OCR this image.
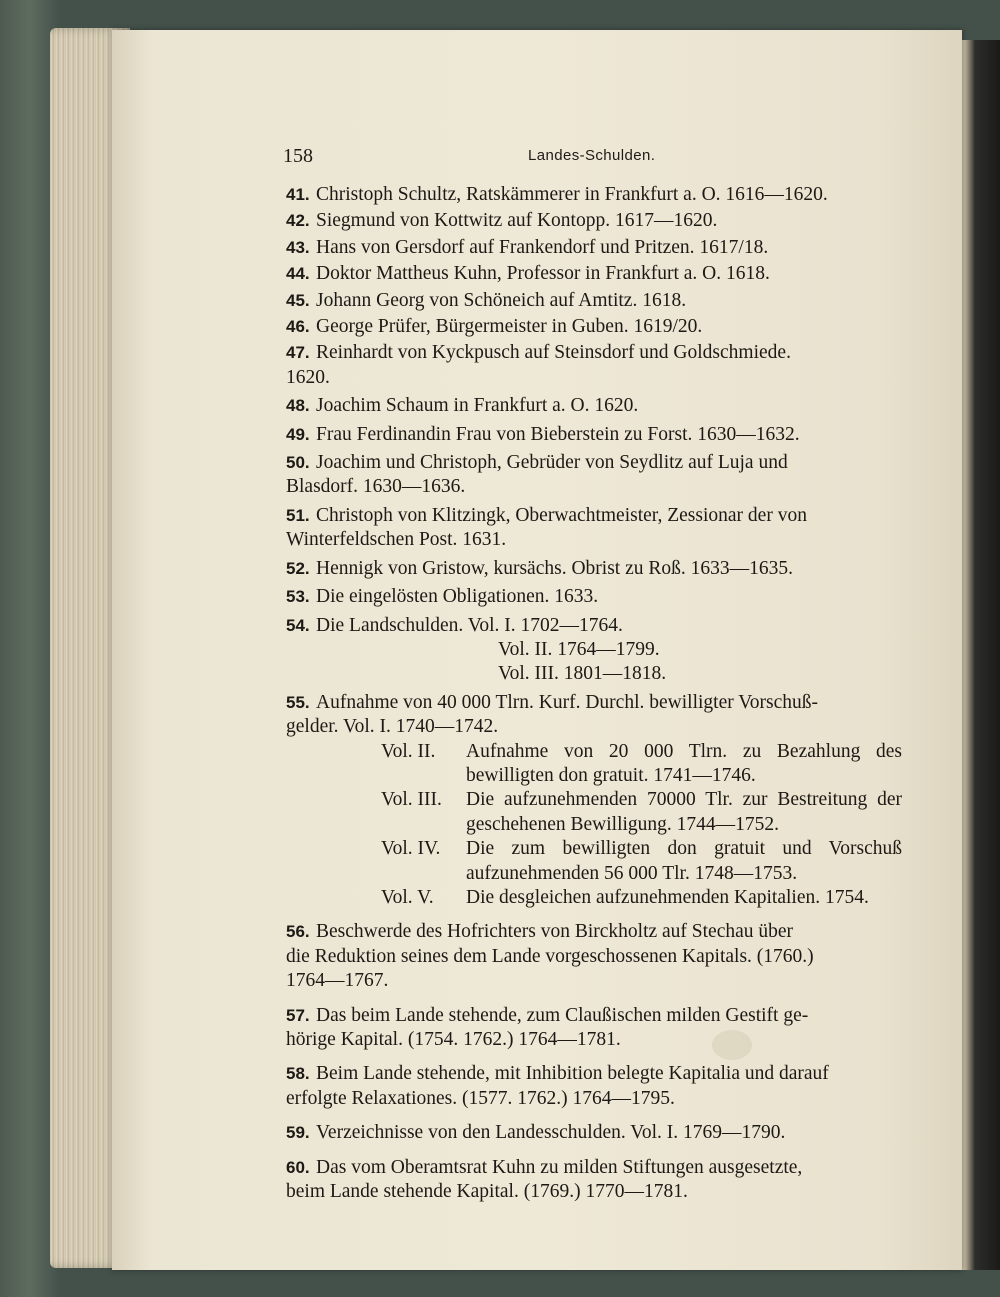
158	Landes-Schulden.
41. Christoph Schultz, Ratskämmerer in Frankfurt a. O. 1616—1620.
42. Siegmund von Kottwitz auf Kontopp. 1617—1620.
43. Hans von Gersdorf auf Frankendorf und Pritzen. 1617/18.
44. Doktor Mattheus Kuhn, Professor in Frankfurt a. O. 1618.
45. Johann Georg von Schöneich auf Amtitz. 1618.
46. George Prüfer, Bürgermeister in Guben. 1619/20.
47. Reinhardt von Kyckpusch auf Steinsdorf und Goldschmiede.
1620.
48. Joachim Schaum in Frankfurt a. O. 1620.
49. Frau Ferdinandin Frau von Bieberstein zu Forst. 1630—1632.
50. Joachim und Christoph, Gebrüder von Seydlitz auf Luja und
Blasdorf. 1630—1636.
51. Christoph von Klitzingk, Oberwachtmeister, Zessionar der von
Winterfeldschen Post. 1631.
52. Hennigk von Gristow, kursächs. Obrist zu Roß. 1633—1635.
53. Die eingelösten Obligationen. 1633.
54. Die Landschulden. Vol. I. 1702—1764.
Vol. II. 1764—1799.
Vol. III. 1801—1818.
55. Aufnahme von 40 000 Tlrn. Kurf. Durchl. bewilligter Vorschuß-
gelder. Vol. I. 1740—1742.
Vol. II. Aufnahme von 20 000 Tlrn. zu Bezahlung des bewilligten don gratuit. 1741—1746.
Vol. III. Die aufzunehmenden 70000 Tlr. zur Bestreitung der geschehenen Bewilligung. 1744—1752.
Vol. IV. Die zum bewilligten don gratuit und Vorschuß aufzunehmenden 56 000 Tlr. 1748—1753.
Vol. V. Die desgleichen aufzunehmenden Kapitalien. 1754.
56. Beschwerde des Hofrichters von Birckholtz auf Stechau über
die Reduktion seines dem Lande vorgeschossenen Kapitals. (1760.)
1764—1767.
57. Das beim Lande stehende, zum Claußischen milden Gestift ge-
hörige Kapital. (1754. 1762.) 1764—1781.
58. Beim Lande stehende, mit Inhibition belegte Kapitalia und darauf
erfolgte Relaxationes. (1577. 1762.) 1764—1795.
59. Verzeichnisse von den Landesschulden. Vol. I. 1769—1790.
60. Das vom Oberamtsrat Kuhn zu milden Stiftungen ausgesetzte,
beim Lande stehende Kapital. (1769.) 1770—1781.
